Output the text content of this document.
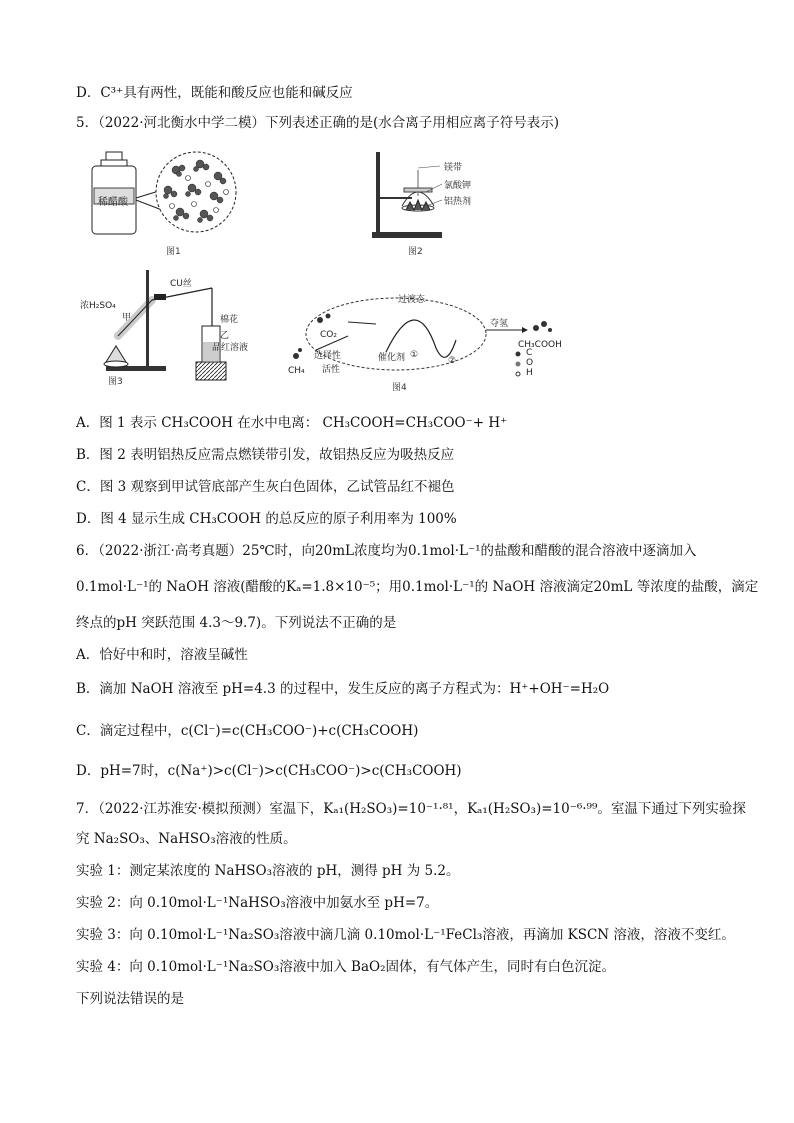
D．C³⁺具有两性，既能和酸反应也能和碱反应
5．（2022·河北衡水中学二模）下列表述正确的是(水合离子用相应离子符号表示)
稀醋酸
图1
镁带
氯酸钾
铝热剂
图2
浓H₂SO₄
CU丝
甲	棉花
乙
品红溶液
图3
过渡态
CO₂
CH₄
选择性
活性
催化剂 ①
②
夺氢
CH₃COOH
C
O
H
图4
A．图 1 表示 CH₃COOH 在水中电离： CH₃COOH=CH₃COO⁻+ H⁺
B．图 2 表明铝热反应需点燃镁带引发，故铝热反应为吸热反应
C．图 3 观察到甲试管底部产生灰白色固体，乙试管品红不褪色
D．图 4 显示生成 CH₃COOH 的总反应的原子利用率为 100%
6．（2022·浙江·高考真题）25℃时，向20mL浓度均为0.1mol·L⁻¹的盐酸和醋酸的混合溶液中逐滴加入
0.1mol·L⁻¹的 NaOH 溶液(醋酸的Kₐ=1.8×10⁻⁵；用0.1mol·L⁻¹的 NaOH 溶液滴定20mL 等浓度的盐酸，滴定
终点的pH 突跃范围 4.3～9.7)。下列说法不正确的是
A．恰好中和时，溶液呈碱性
B．滴加 NaOH 溶液至 pH=4.3 的过程中，发生反应的离子方程式为：H⁺+OH⁻=H₂O
C．滴定过程中，c(Cl⁻)=c(CH₃COO⁻)+c(CH₃COOH)
D．pH=7时，c(Na⁺)>c(Cl⁻)>c(CH₃COO⁻)>c(CH₃COOH)
7．（2022·江苏淮安·模拟预测）室温下，Kₐ₁(H₂SO₃)=10⁻¹·⁸¹，Kₐ₁(H₂SO₃)=10⁻⁶·⁹⁹。室温下通过下列实验探
究 Na₂SO₃、NaHSO₃溶液的性质。
实验 1：测定某浓度的 NaHSO₃溶液的 pH，测得 pH 为 5.2。
实验 2：向 0.10mol·L⁻¹NaHSO₃溶液中加氨水至 pH=7。
实验 3：向 0.10mol·L⁻¹Na₂SO₃溶液中滴几滴 0.10mol·L⁻¹FeCl₃溶液，再滴加 KSCN 溶液，溶液不变红。
实验 4：向 0.10mol·L⁻¹Na₂SO₃溶液中加入 BaO₂固体，有气体产生，同时有白色沉淀。
下列说法错误的是
